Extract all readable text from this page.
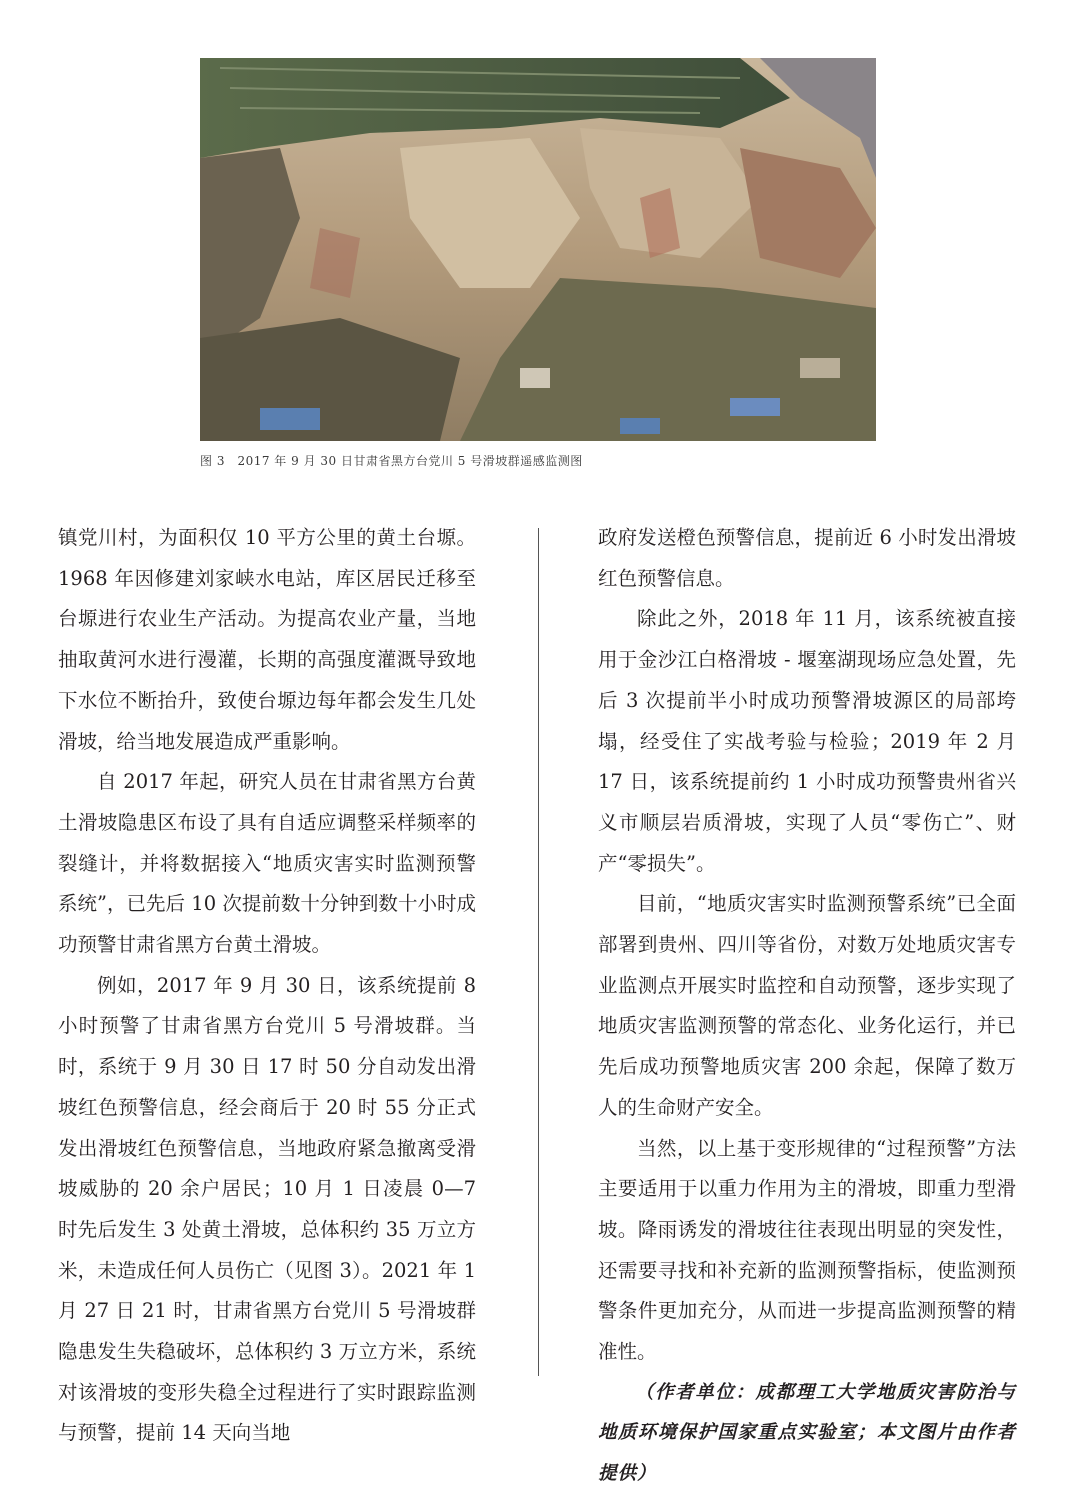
图 3　2017 年 9 月 30 日甘肃省黑方台党川 5 号滑坡群遥感监测图

镇党川村，为面积仅 10 平方公里的黄土台塬。1968 年因修建刘家峡水电站，库区居民迁移至台塬进行农业生产活动。为提高农业产量，当地抽取黄河水进行漫灌，长期的高强度灌溉导致地下水位不断抬升，致使台塬边每年都会发生几处滑坡，给当地发展造成严重影响。

自 2017 年起，研究人员在甘肃省黑方台黄土滑坡隐患区布设了具有自适应调整采样频率的裂缝计，并将数据接入“地质灾害实时监测预警系统”，已先后 10 次提前数十分钟到数十小时成功预警甘肃省黑方台黄土滑坡。

例如，2017 年 9 月 30 日，该系统提前 8 小时预警了甘肃省黑方台党川 5 号滑坡群。当时，系统于 9 月 30 日 17 时 50 分自动发出滑坡红色预警信息，经会商后于 20 时 55 分正式发出滑坡红色预警信息，当地政府紧急撤离受滑坡威胁的 20 余户居民；10 月 1 日凌晨 0—7 时先后发生 3 处黄土滑坡，总体积约 35 万立方米，未造成任何人员伤亡（见图 3）。2021 年 1 月 27 日 21 时，甘肃省黑方台党川 5 号滑坡群隐患发生失稳破坏，总体积约 3 万立方米，系统对该滑坡的变形失稳全过程进行了实时跟踪监测与预警，提前 14 天向当地

政府发送橙色预警信息，提前近 6 小时发出滑坡红色预警信息。

除此之外，2018 年 11 月，该系统被直接用于金沙江白格滑坡 - 堰塞湖现场应急处置，先后 3 次提前半小时成功预警滑坡源区的局部垮塌，经受住了实战考验与检验；2019 年 2 月 17 日，该系统提前约 1 小时成功预警贵州省兴义市顺层岩质滑坡，实现了人员“零伤亡”、财产“零损失”。

目前，“地质灾害实时监测预警系统”已全面部署到贵州、四川等省份，对数万处地质灾害专业监测点开展实时监控和自动预警，逐步实现了地质灾害监测预警的常态化、业务化运行，并已先后成功预警地质灾害 200 余起，保障了数万人的生命财产安全。

当然，以上基于变形规律的“过程预警”方法主要适用于以重力作用为主的滑坡，即重力型滑坡。降雨诱发的滑坡往往表现出明显的突发性，还需要寻找和补充新的监测预警指标，使监测预警条件更加充分，从而进一步提高监测预警的精准性。

（作者单位：成都理工大学地质灾害防治与地质环境保护国家重点实验室；本文图片由作者提供）
